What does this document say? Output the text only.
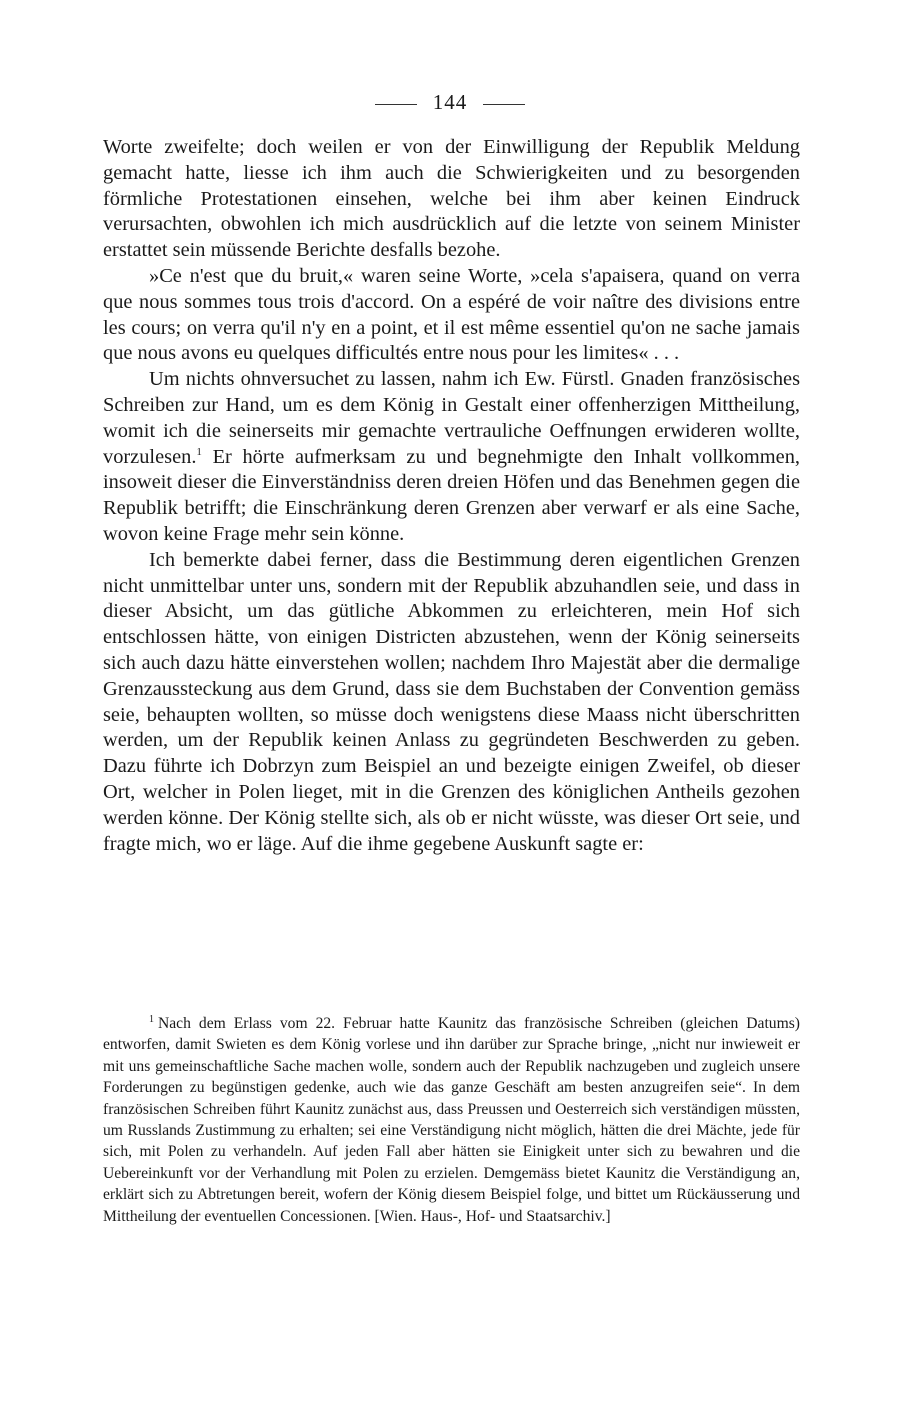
144

Worte zweifelte; doch weilen er von der Einwilligung der Republik Meldung gemacht hatte, liesse ich ihm auch die Schwierigkeiten und zu besorgenden förmliche Protestationen einsehen, welche bei ihm aber keinen Eindruck verursachten, obwohlen ich mich ausdrücklich auf die letzte von seinem Minister erstattet sein müssende Berichte desfalls bezohe.

»Ce n'est que du bruit,« waren seine Worte, »cela s'apaisera, quand on verra que nous sommes tous trois d'accord. On a espéré de voir naître des divisions entre les cours; on verra qu'il n'y en a point, et il est même essentiel qu'on ne sache jamais que nous avons eu quelques difficultés entre nous pour les limites« . . .

Um nichts ohnversuchet zu lassen, nahm ich Ew. Fürstl. Gnaden französisches Schreiben zur Hand, um es dem König in Gestalt einer offenherzigen Mittheilung, womit ich die seinerseits mir gemachte vertrauliche Oeffnungen erwideren wollte, vorzulesen.$^1$ Er hörte aufmerksam zu und begnehmigte den Inhalt vollkommen, insoweit dieser die Einverständniss deren dreien Höfen und das Benehmen gegen die Republik betrifft; die Einschränkung deren Grenzen aber verwarf er als eine Sache, wovon keine Frage mehr sein könne.

Ich bemerkte dabei ferner, dass die Bestimmung deren eigentlichen Grenzen nicht unmittelbar unter uns, sondern mit der Republik abzuhandlen seie, und dass in dieser Absicht, um das gütliche Abkommen zu erleichteren, mein Hof sich entschlossen hätte, von einigen Districten abzustehen, wenn der König seinerseits sich auch dazu hätte einverstehen wollen; nachdem Ihro Majestät aber die dermalige Grenzaussteckung aus dem Grund, dass sie dem Buchstaben der Convention gemäss seie, behaupten wollten, so müsse doch wenigstens diese Maass nicht überschritten werden, um der Republik keinen Anlass zu gegründeten Beschwerden zu geben. Dazu führte ich Dobrzyn zum Beispiel an und bezeigte einigen Zweifel, ob dieser Ort, welcher in Polen lieget, mit in die Grenzen des königlichen Antheils gezohen werden könne. Der König stellte sich, als ob er nicht wüsste, was dieser Ort seie, und fragte mich, wo er läge. Auf die ihme gegebene Auskunft sagte er:

$^1$ Nach dem Erlass vom 22. Februar hatte Kaunitz das französische Schreiben (gleichen Datums) entworfen, damit Swieten es dem König vorlese und ihn darüber zur Sprache bringe, „nicht nur inwieweit er mit uns gemeinschaftliche Sache machen wolle, sondern auch der Republik nachzugeben und zugleich unsere Forderungen zu begünstigen gedenke, auch wie das ganze Geschäft am besten anzugreifen seie“. In dem französischen Schreiben führt Kaunitz zunächst aus, dass Preussen und Oesterreich sich verständigen müssten, um Russlands Zustimmung zu erhalten; sei eine Verständigung nicht möglich, hätten die drei Mächte, jede für sich, mit Polen zu verhandeln. Auf jeden Fall aber hätten sie Einigkeit unter sich zu bewahren und die Uebereinkunft vor der Verhandlung mit Polen zu erzielen. Demgemäss bietet Kaunitz die Verständigung an, erklärt sich zu Abtretungen bereit, wofern der König diesem Beispiel folge, und bittet um Rückäusserung und Mittheilung der eventuellen Concessionen. [Wien. Haus-, Hof- und Staatsarchiv.]
